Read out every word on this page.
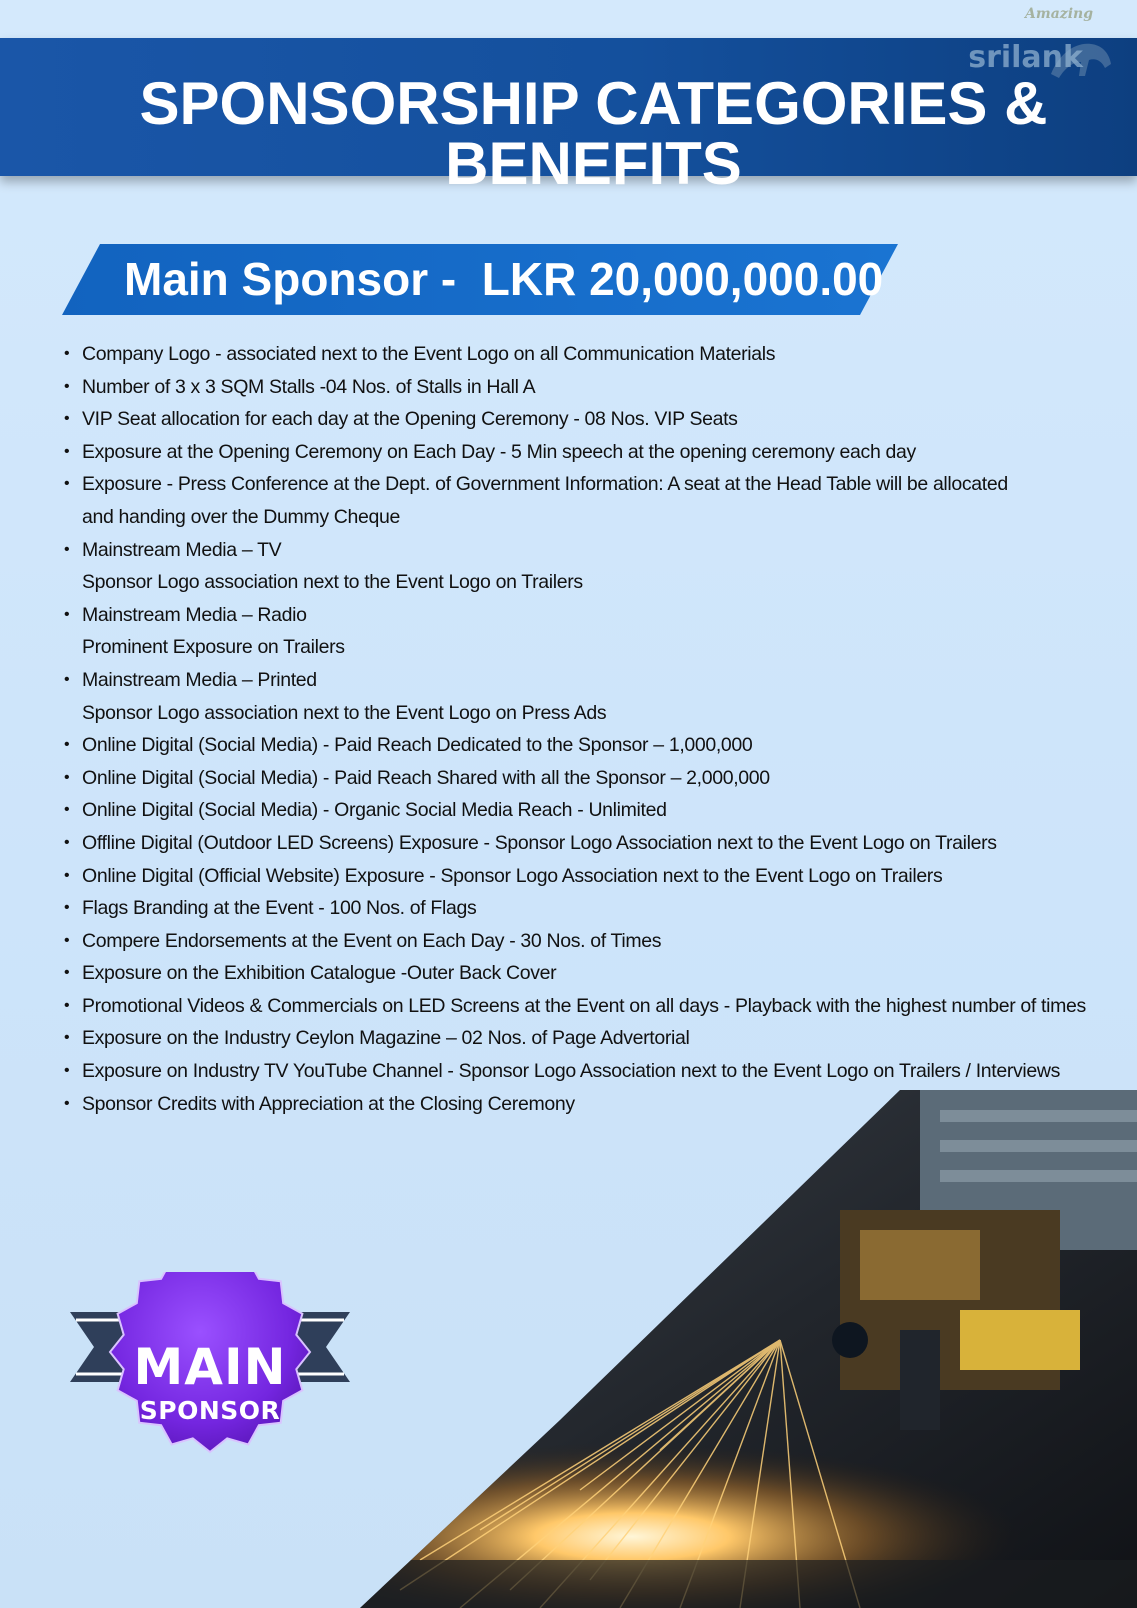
SPONSORSHIP CATEGORIES & BENEFITS
Amazing
srilank
Main Sponsor -  LKR 20,000,000.00
• Company Logo - associated next to the Event Logo on all Communication Materials
• Number of 3 x 3 SQM Stalls -04 Nos. of Stalls in Hall A
• VIP Seat allocation for each day at the Opening Ceremony - 08 Nos. VIP Seats
• Exposure at the Opening Ceremony on Each Day - 5 Min speech at the opening ceremony each day
• Exposure - Press Conference at the Dept. of Government Information: A seat at the Head Table will be allocated
and handing over the Dummy Cheque
• Mainstream Media – TV
Sponsor Logo association next to the Event Logo on Trailers
• Mainstream Media – Radio
Prominent Exposure on Trailers
• Mainstream Media – Printed
Sponsor Logo association next to the Event Logo on Press Ads
• Online Digital (Social Media) - Paid Reach Dedicated to the Sponsor – 1,000,000
• Online Digital (Social Media) - Paid Reach Shared with all the Sponsor – 2,000,000
• Online Digital (Social Media) - Organic Social Media Reach - Unlimited
• Offline Digital (Outdoor LED Screens) Exposure - Sponsor Logo Association next to the Event Logo on Trailers
• Online Digital (Official Website) Exposure - Sponsor Logo Association next to the Event Logo on Trailers
• Flags Branding at the Event - 100 Nos. of Flags
• Compere Endorsements at the Event on Each Day - 30 Nos. of Times
• Exposure on the Exhibition Catalogue -Outer Back Cover
• Promotional Videos & Commercials on LED Screens at the Event on all days - Playback with the highest number of times
• Exposure on the Industry Ceylon Magazine – 02 Nos. of Page Advertorial
• Exposure on Industry TV YouTube Channel - Sponsor Logo Association next to the Event Logo on Trailers / Interviews
• Sponsor Credits with Appreciation at the Closing Ceremony
MAIN
SPONSOR
